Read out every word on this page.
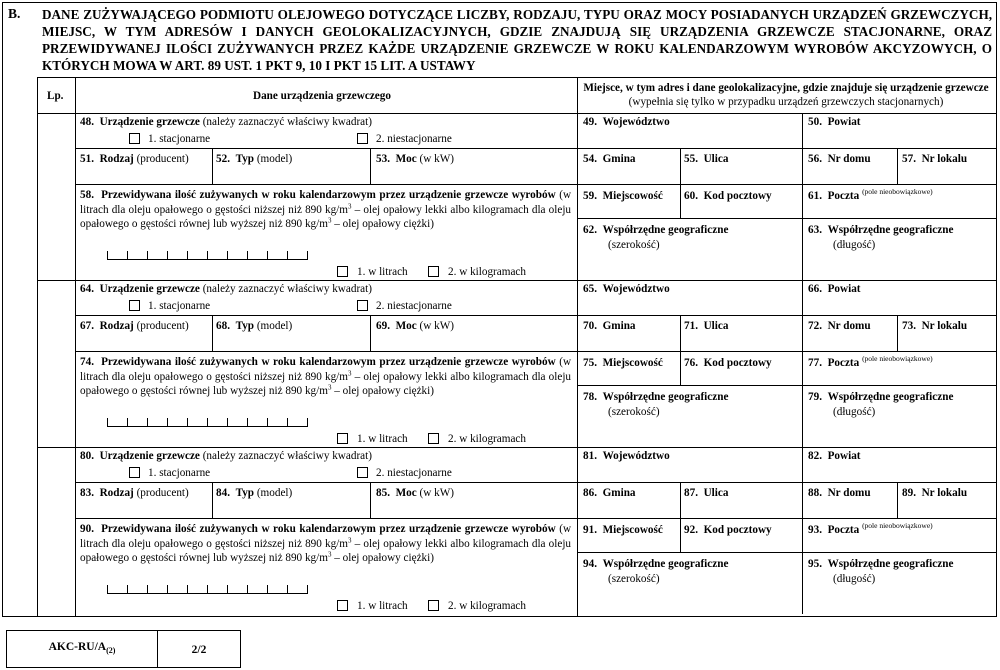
B. DANE ZUŻYWAJĄCEGO PODMIOTU OLEJOWEGO DOTYCZĄCE LICZBY, RODZAJU, TYPU ORAZ MOCY POSIADANYCH URZĄDZEŃ GRZEWCZYCH, MIEJSC, W TYM ADRESÓW I DANYCH GEOLOKALIZACYJNYCH, GDZIE ZNAJDUJĄ SIĘ URZĄDZENIA GRZEWCZE STACJONARNE, ORAZ PRZEWIDYWANEJ ILOŚCI ZUŻYWANYCH PRZEZ KAŻDE URZĄDZENIE GRZEWCZE W ROKU KALENDARZOWYM WYROBÓW AKCYZOWYCH, O KTÓRYCH MOWA W ART. 89 UST. 1 PKT 9, 10 I PKT 15 LIT. A USTAWY
Lp.	Dane urządzenia grzewczego
Miejsce, w tym adres i dane geolokalizacyjne, gdzie znajduje się urządzenie grzewcze (wypełnia się tylko w przypadku urządzeń grzewczych stacjonarnych)
48. Urządzenie grzewcze (należy zaznaczyć właściwy kwadrat)
1. stacjonarne	2. niestacjonarne
51. Rodzaj (producent) 52. Typ (model)	53. Moc (w kW)
58. Przewidywana ilość zużywanych w roku kalendarzowym przez urządzenie grzewcze wyrobów (w litrach dla oleju opałowego o gęstości niższej niż 890 $kg/m^3$ – olej opałowy lekki albo kilogramach dla oleju opałowego o gęstości równej lub wyższej niż 890 $kg/m^3$ – olej opałowy ciężki)
1. w litrach	2. w kilogramach
49. Województwo	50. Powiat
54. Gmina	55. Ulica	56. Nr domu	57. Nr lokalu
59. Miejscowość 60. Kod pocztowy	61. Poczta $^{(pole nieobowiązkowe)}$
62. Współrzędne geograficzne
(szerokość)
63. Współrzędne geograficzne
(długość)
64. Urządzenie grzewcze (należy zaznaczyć właściwy kwadrat)
1. stacjonarne	2. niestacjonarne
67. Rodzaj (producent) 68. Typ (model)	69. Moc (w kW)
74. Przewidywana ilość zużywanych w roku kalendarzowym przez urządzenie grzewcze wyrobów (w litrach dla oleju opałowego o gęstości niższej niż 890 $kg/m^3$ – olej opałowy lekki albo kilogramach dla oleju opałowego o gęstości równej lub wyższej niż 890 $kg/m^3$ – olej opałowy ciężki)
1. w litrach	2. w kilogramach
65. Województwo	66. Powiat
70. Gmina	71. Ulica	72. Nr domu	73. Nr lokalu
75. Miejscowość 76. Kod pocztowy	77. Poczta $^{(pole nieobowiązkowe)}$
78. Współrzędne geograficzne
(szerokość)
79. Współrzędne geograficzne
(długość)
80. Urządzenie grzewcze (należy zaznaczyć właściwy kwadrat)
1. stacjonarne	2. niestacjonarne
83. Rodzaj (producent) 84. Typ (model)	85. Moc (w kW)
90. Przewidywana ilość zużywanych w roku kalendarzowym przez urządzenie grzewcze wyrobów (w litrach dla oleju opałowego o gęstości niższej niż 890 $kg/m^3$ – olej opałowy lekki albo kilogramach dla oleju opałowego o gęstości równej lub wyższej niż 890 $kg/m^3$ – olej opałowy ciężki)
1. w litrach	2. w kilogramach
81. Województwo	82. Powiat
86. Gmina	87. Ulica	88. Nr domu	89. Nr lokalu
91. Miejscowość 92. Kod pocztowy	93. Poczta $^{(pole nieobowiązkowe)}$
94. Współrzędne geograficzne
(szerokość)
95. Współrzędne geograficzne
(długość)
AKC-$RU/A_{(2)}$	2/2
